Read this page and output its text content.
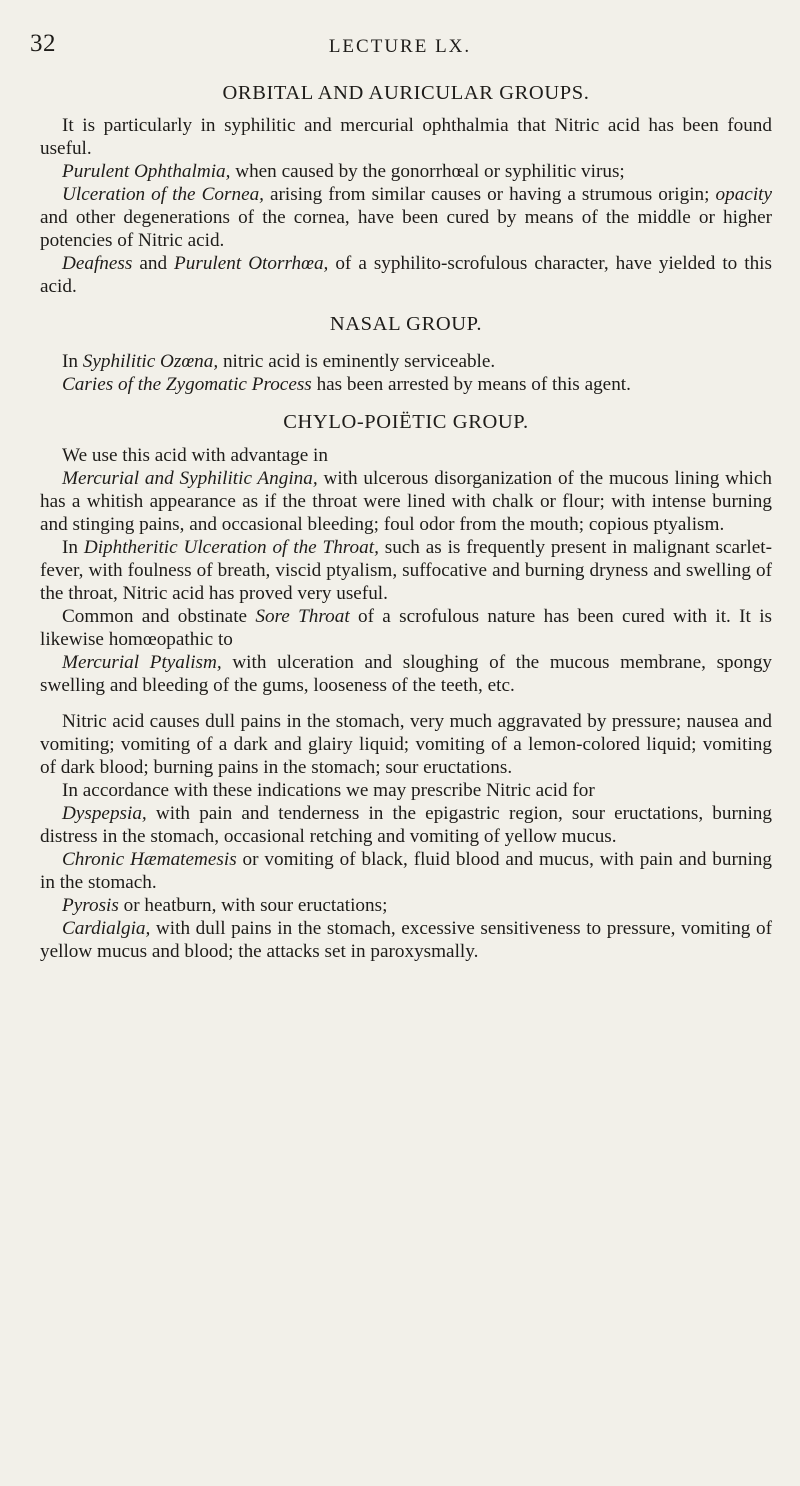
32	LECTURE LX.
ORBITAL AND AURICULAR GROUPS.

It is particularly in syphilitic and mercurial ophthalmia that Nitric acid has been found useful.

Purulent Ophthalmia, when caused by the gonorrhœal or syphilitic virus;

Ulceration of the Cornea, arising from similar causes or having a strumous origin; opacity and other degenerations of the cornea, have been cured by means of the middle or higher potencies of Nitric acid.

Deafness and Purulent Otorrhœa, of a syphilito-scrofulous character, have yielded to this acid.

NASAL GROUP.

In Syphilitic Ozœna, nitric acid is eminently serviceable.

Caries of the Zygomatic Process has been arrested by means of this agent.

CHYLO-POIËTIC GROUP.

We use this acid with advantage in

Mercurial and Syphilitic Angina, with ulcerous disorganization of the mucous lining which has a whitish appearance as if the throat were lined with chalk or flour; with intense burning and stinging pains, and occasional bleeding; foul odor from the mouth; copious ptyalism.

In Diphtheritic Ulceration of the Throat, such as is frequently present in malignant scarlet-fever, with foulness of breath, viscid ptyalism, suffocative and burning dryness and swelling of the throat, Nitric acid has proved very useful.

Common and obstinate Sore Throat of a scrofulous nature has been cured with it. It is likewise homœopathic to

Mercurial Ptyalism, with ulceration and sloughing of the mucous membrane, spongy swelling and bleeding of the gums, looseness of the teeth, etc.

Nitric acid causes dull pains in the stomach, very much aggravated by pressure; nausea and vomiting; vomiting of a dark and glairy liquid; vomiting of a lemon-colored liquid; vomiting of dark blood; burning pains in the stomach; sour eructations.

In accordance with these indications we may prescribe Nitric acid for

Dyspepsia, with pain and tenderness in the epigastric region, sour eructations, burning distress in the stomach, occasional retching and vomiting of yellow mucus.

Chronic Hæmatemesis or vomiting of black, fluid blood and mucus, with pain and burning in the stomach.

Pyrosis or heatburn, with sour eructations;

Cardialgia, with dull pains in the stomach, excessive sensitiveness to pressure, vomiting of yellow mucus and blood; the attacks set in paroxysmally.
